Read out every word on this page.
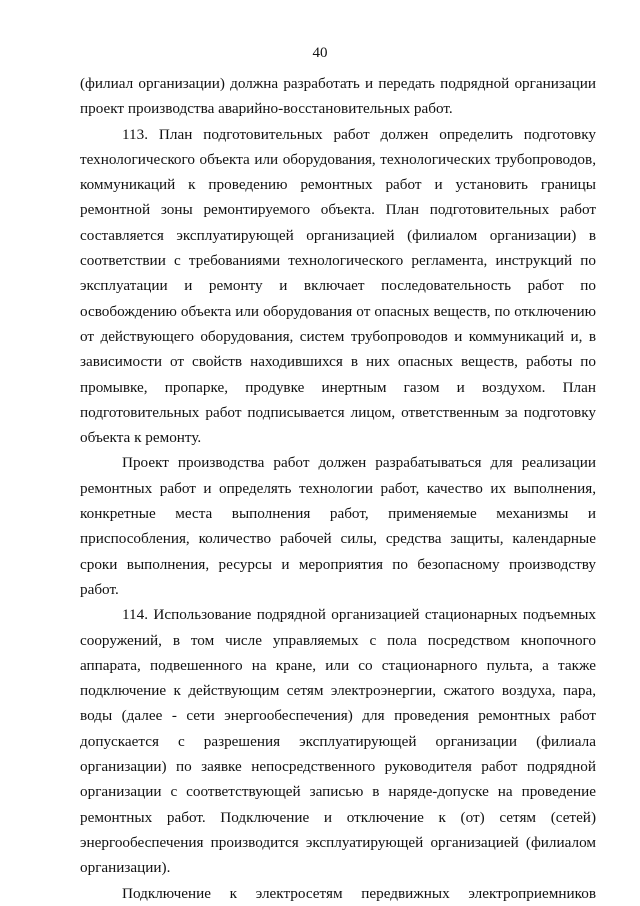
40

(филиал организации) должна разработать и передать подрядной организации проект производства аварийно-восстановительных работ.

113. План подготовительных работ должен определить подготовку технологического объекта или оборудования, технологических трубопроводов, коммуникаций к проведению ремонтных работ и установить границы ремонтной зоны ремонтируемого объекта. План подготовительных работ составляется эксплуатирующей организацией (филиалом организации) в соответствии с требованиями технологического регламента, инструкций по эксплуатации и ремонту и включает последовательность работ по освобождению объекта или оборудования от опасных веществ, по отключению от действующего оборудования, систем трубопроводов и коммуникаций и, в зависимости от свойств находившихся в них опасных веществ, работы по промывке, пропарке, продувке инертным газом и воздухом. План подготовительных работ подписывается лицом, ответственным за подготовку объекта к ремонту.

Проект производства работ должен разрабатываться для реализации ремонтных работ и определять технологии работ, качество их выполнения, конкретные места выполнения работ, применяемые механизмы и приспособления, количество рабочей силы, средства защиты, календарные сроки выполнения, ресурсы и мероприятия по безопасному производству работ.

114. Использование подрядной организацией стационарных подъемных сооружений, в том числе управляемых с пола посредством кнопочного аппарата, подвешенного на кране, или со стационарного пульта, а также подключение к действующим сетям электроэнергии, сжатого воздуха, пара, воды (далее - сети энергообеспечения) для проведения ремонтных работ допускается с разрешения эксплуатирующей организации (филиала организации) по заявке непосредственного руководителя работ подрядной организации с соответствующей записью в наряде-допуске на проведение ремонтных работ. Подключение и отключение к (от) сетям (сетей) энергообеспечения производится эксплуатирующей организацией (филиалом организации).

Подключение к электросетям передвижных электроприемников
